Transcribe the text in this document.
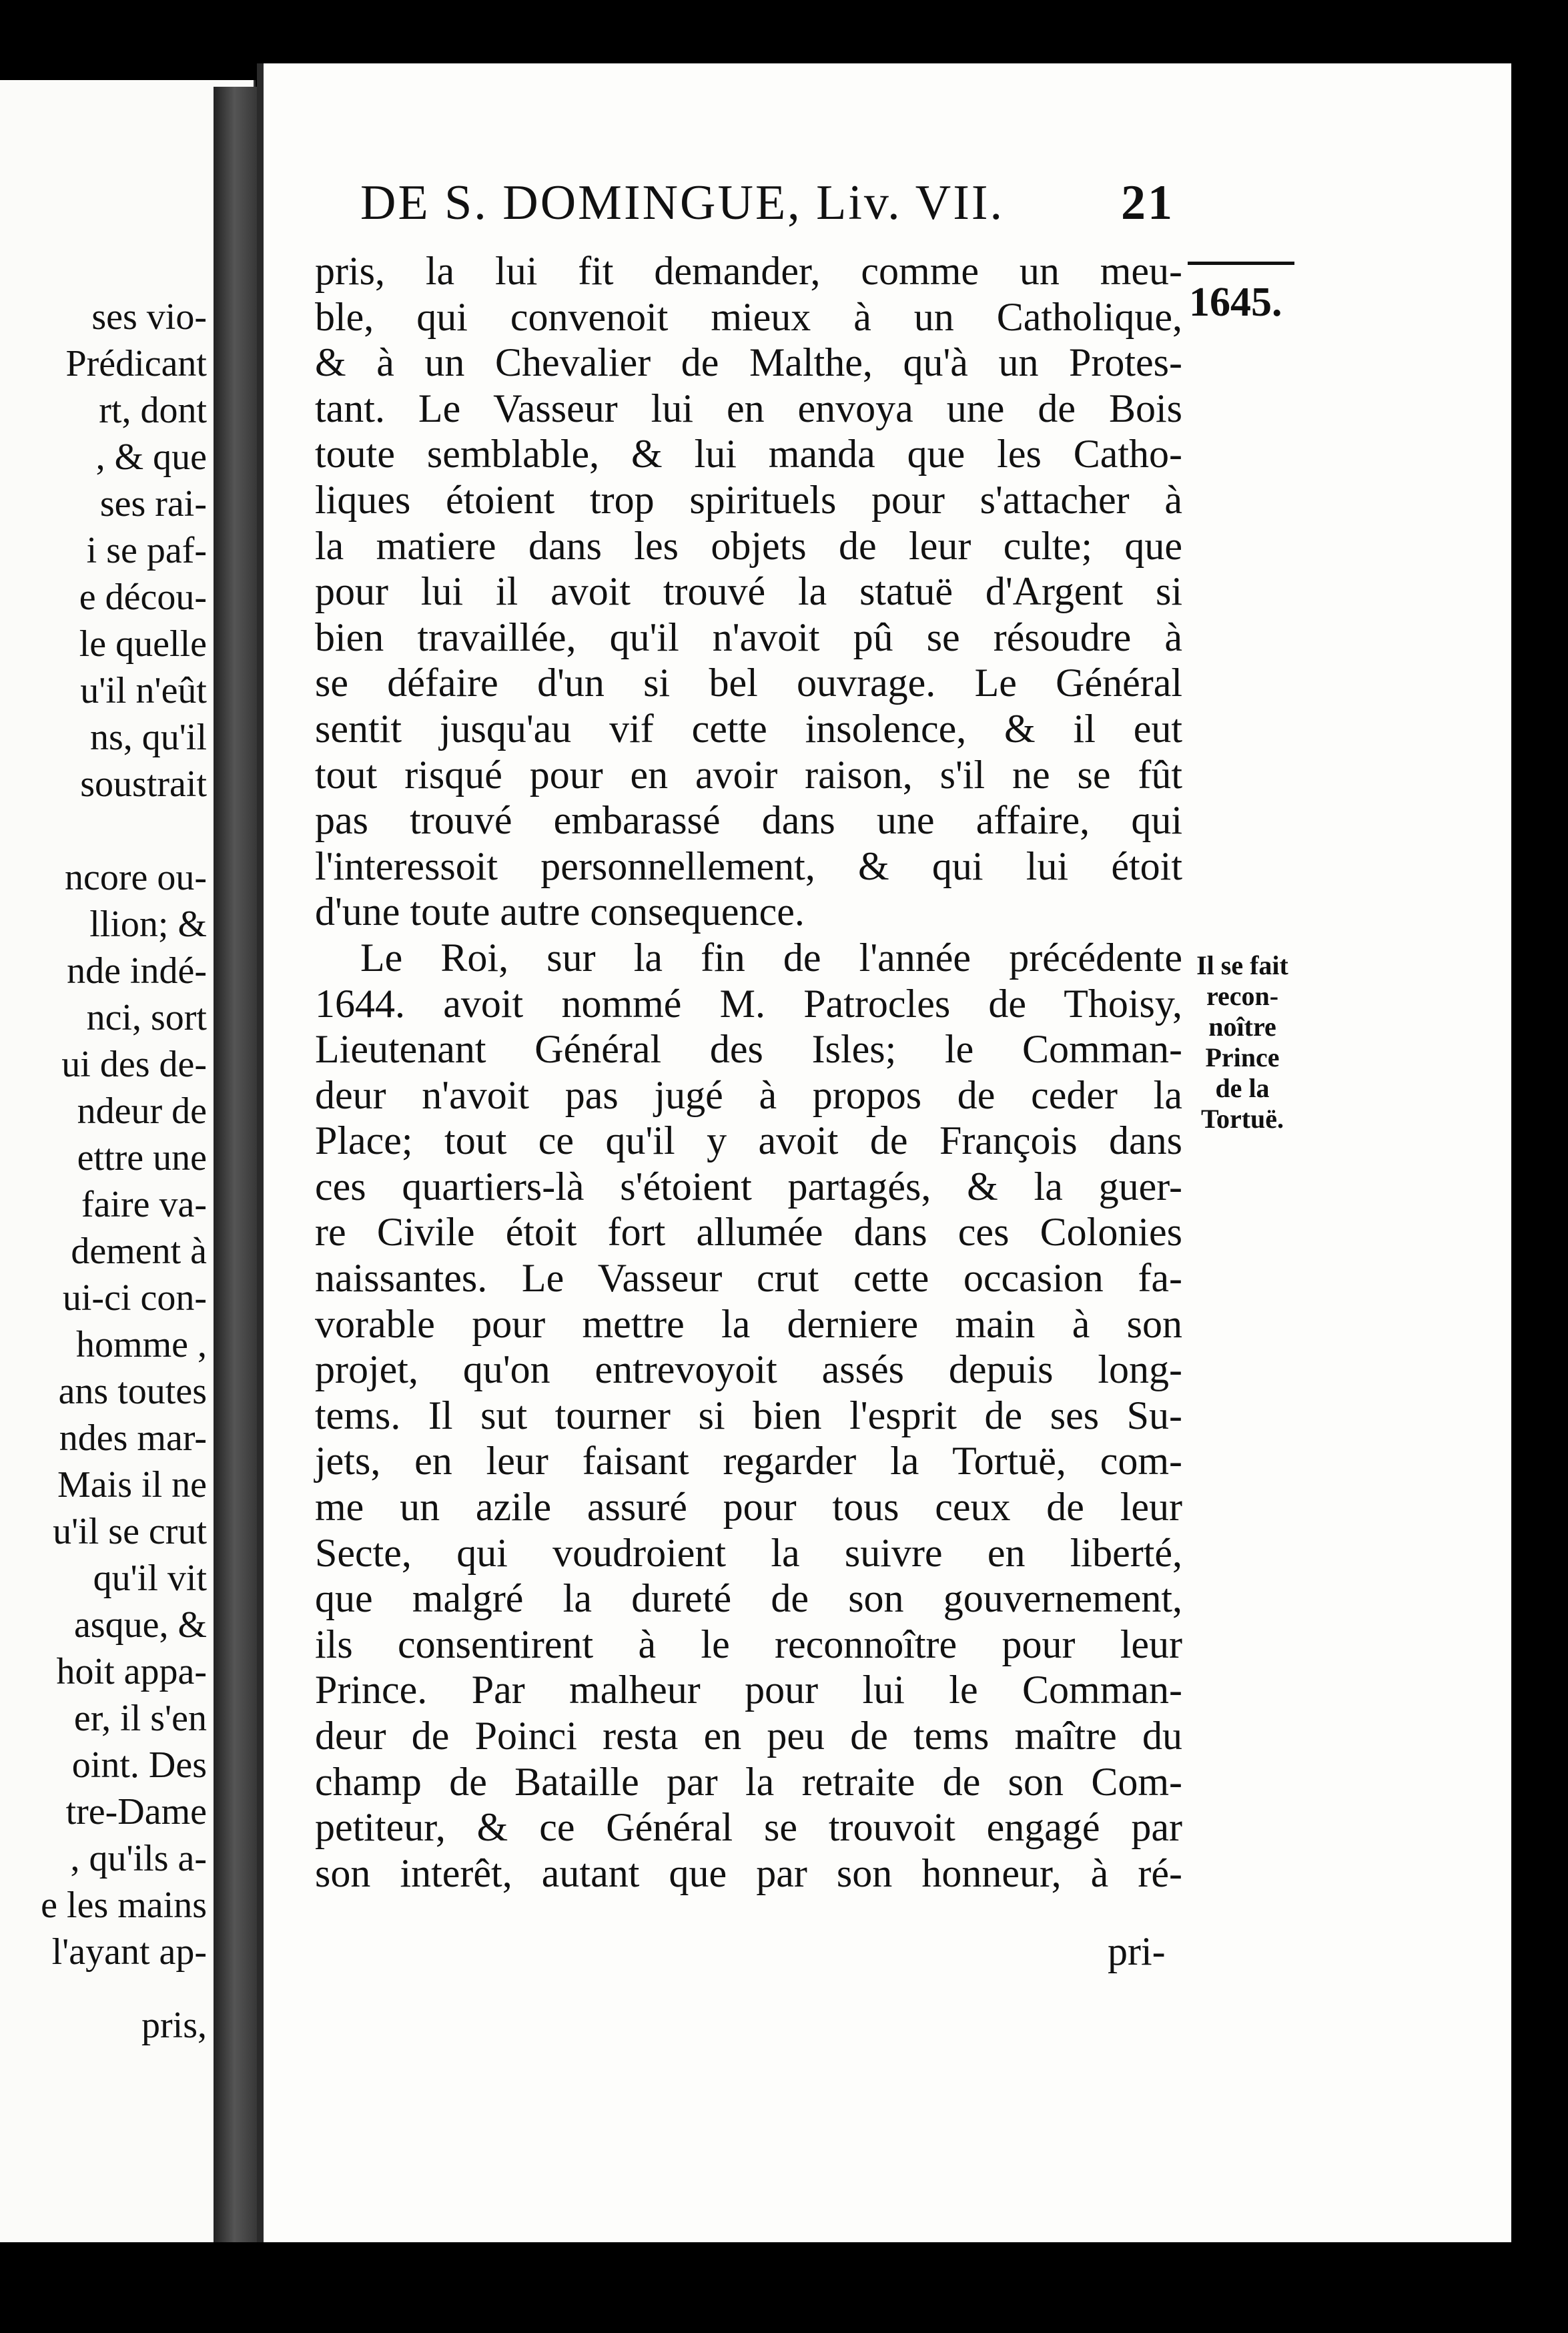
ses vio-
Prédicant
rt, dont
, & que
ses rai-
i se paf-
e décou-
le quelle
u'il n'eût
ns, qu'il
soustrait
ncore ou-
llion; &
nde indé-
nci, sort
ui des de-
ndeur de
ettre une
faire va-
dement à
ui-ci con-
homme ,
ans toutes
ndes mar-
Mais il ne
u'il se crut
qu'il vit
asque, &
hoit appa-
er, il s'en
oint. Des
tre-Dame
, qu'ils a-
e les mains
l'ayant ap-
pris,
DE S. DOMINGUE, Liv. VII. 21
1645.
pris, la lui fit demander, comme un meu-
ble, qui convenoit mieux à un Catholique,
& à un Chevalier de Malthe, qu'à un Protes-
tant. Le Vasseur lui en envoya une de Bois
toute semblable, & lui manda que les Catho-
liques étoient trop spirituels pour s'attacher à
la matiere dans les objets de leur culte; que
pour lui il avoit trouvé la statuë d'Argent si
bien travaillée, qu'il n'avoit pû se résoudre à
se défaire d'un si bel ouvrage. Le Général
sentit jusqu'au vif cette insolence, & il eut
tout risqué pour en avoir raison, s'il ne se fût
pas trouvé embarassé dans une affaire, qui
l'interessoit personnellement, & qui lui étoit
d'une toute autre consequence.
Le Roi, sur la fin de l'année précédente
1644. avoit nommé M. Patrocles de Thoisy,
Lieutenant Général des Isles; le Comman-
deur n'avoit pas jugé à propos de ceder la
Place; tout ce qu'il y avoit de François dans
ces quartiers-là s'étoient partagés, & la guer-
re Civile étoit fort allumée dans ces Colonies
naissantes. Le Vasseur crut cette occasion fa-
vorable pour mettre la derniere main à son
projet, qu'on entrevoyoit assés depuis long-
tems. Il sut tourner si bien l'esprit de ses Su-
jets, en leur faisant regarder la Tortuë, com-
me un azile assuré pour tous ceux de leur
Secte, qui voudroient la suivre en liberté,
que malgré la dureté de son gouvernement,
ils consentirent à le reconnoître pour leur
Prince. Par malheur pour lui le Comman-
deur de Poinci resta en peu de tems maître du
champ de Bataille par la retraite de son Com-
petiteur, & ce Général se trouvoit engagé par
son interêt, autant que par son honneur, à ré-
Il se fait
recon-
noître
Prince
de la
Tortuë.
pri-
